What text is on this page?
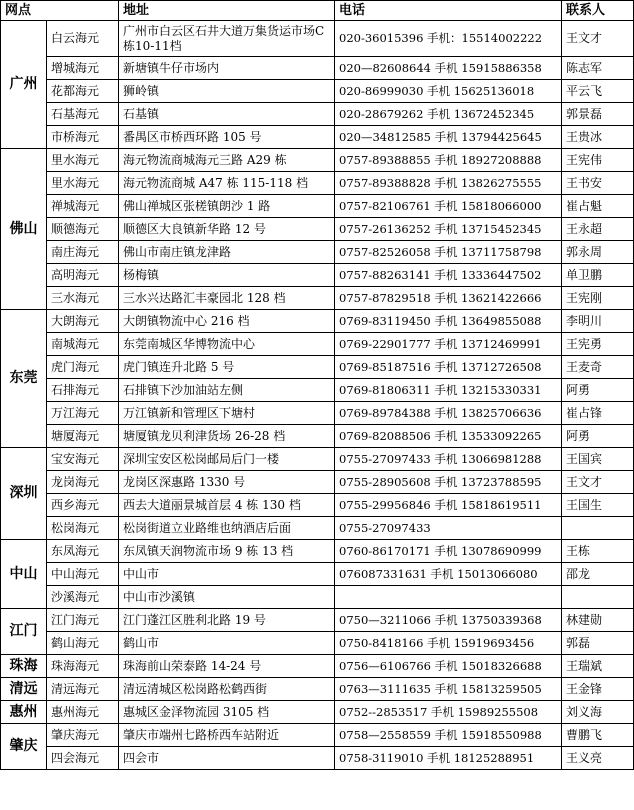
网点		地址	电话	联系人
广州	白云海元	广州市白云区石井大道万集货运市场C栋10-11档	020-36015396 手机：15514002222	王文才
	增城海元	新塘镇牛仔市场内	020—82608644 手机 15915886358	陈志军
	花都海元	狮岭镇	020-86999030 手机 15625136018	平云飞
	石基海元	石基镇	020-28679262 手机 13672452345	郭景磊
	市桥海元	番禺区市桥西环路 105 号	020—34812585 手机 13794425645	王贵冰
佛山	里水海元	海元物流商城海元三路 A29 栋	0757-89388855 手机 18927208888	王宪伟
	里水海元	海元物流商城 A47 栋 115-118 档	0757-89388828 手机 13826275555	王书安
	禅城海元	佛山禅城区张槎镇朗沙 1 路	0757-82106761 手机 15818066000	崔占魁
	顺德海元	顺德区大良镇新华路 12 号	0757-26136252 手机 13715452345	王永超
	南庄海元	佛山市南庄镇龙津路	0757-82526058 手机 13711758798	郭永周
	高明海元	杨梅镇	0757-88263141 手机 13336447502	单卫鹏
	三水海元	三水兴达路汇丰豪园北 128 档	0757-87829518 手机 13621422666	王宪刚
东莞	大朗海元	大朗镇物流中心 216 档	0769-83119450 手机 13649855088	李明川
	南城海元	东莞南城区华博物流中心	0769-22901777 手机 13712469991	王宪勇
	虎门海元	虎门镇连升北路 5 号	0769-85187516 手机 13712726508	王麦奇
	石排海元	石排镇下沙加油站左侧	0769-81806311 手机 13215330331	阿勇
	万江海元	万江镇新和管理区下塘村	0769-89784388 手机 13825706636	崔占锋
	塘厦海元	塘厦镇龙贝利津货场 26-28 档	0769-82088506 手机 13533092265	阿勇
深圳	宝安海元	深圳宝安区松岗邮局后门一楼	0755-27097433 手机 13066981288	王国宾
	龙岗海元	龙岗区深惠路 1330 号	0755-28905608 手机 13723788595	王文才
	西乡海元	西去大道丽景城首层 4 栋 130 档	0755-29956846 手机 15818619511	王国生
	松岗海元	松岗街道立业路维也纳酒店后面	0755-27097433	
中山	东凤海元	东凤镇天润物流市场 9 栋 13 档	0760-86170171 手机 13078690999	王栋
	中山海元	中山市	076087331631 手机 15013066080	邵龙
	沙溪海元	中山市沙溪镇		
江门	江门海元	江门蓬江区胜利北路 19 号	0750—3211066 手机 13750339368	林建勋
	鹤山海元	鹤山市	0750-8418166 手机 15919693456	郭磊
珠海	珠海海元	珠海前山荣泰路 14-24 号	0756—6106766 手机 15018326688	王瑞斌
清远	清远海元	清远清城区松岗路松鹤西街	0763—3111635 手机 15813259505	王金锋
惠州	惠州海元	惠城区金泽物流园 3105 档	0752--2853517 手机 15989255508	刘义海
肇庆	肇庆海元	肇庆市端州七路桥西车站附近	0758—2558559 手机 15918550988	曹鹏飞
	四会海元	四会市	0758-3119010 手机 18125288951	王义亮
